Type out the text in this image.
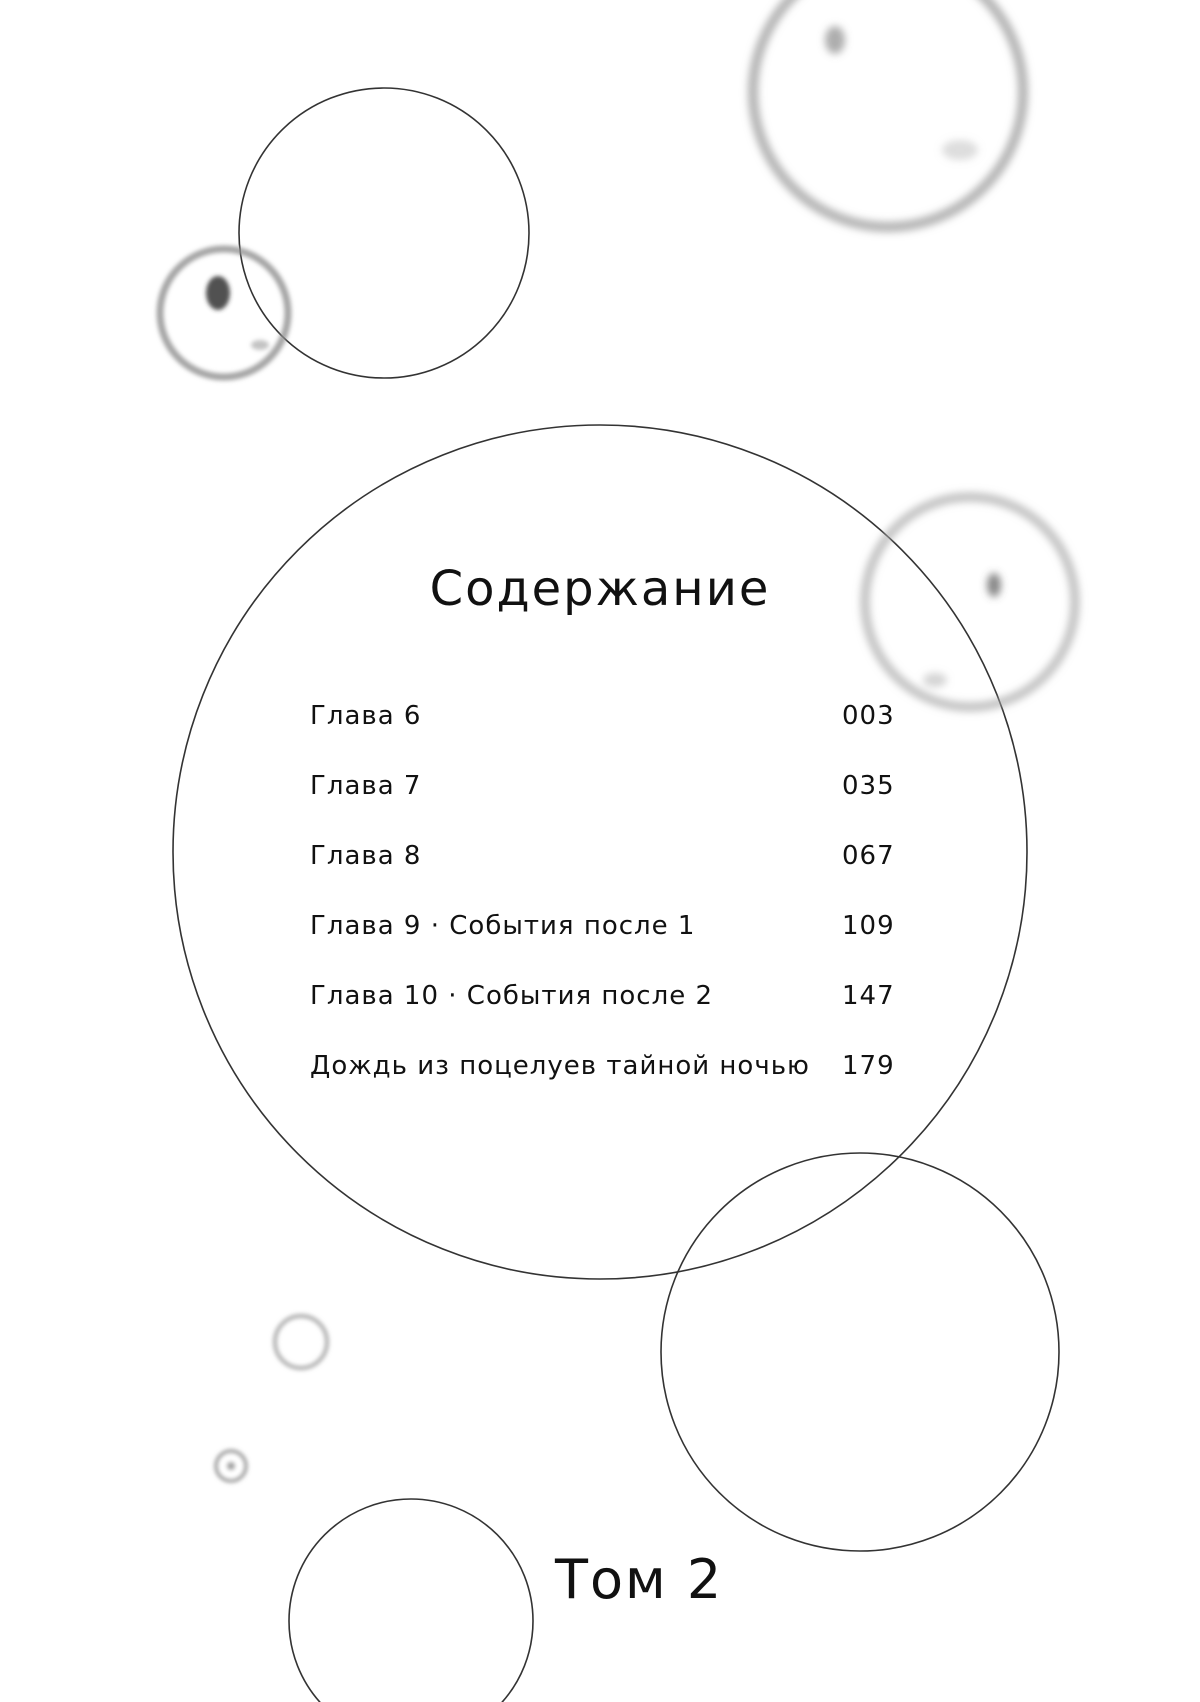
Содержание
Глава 6	003
Глава 7	035
Глава 8	067
Глава 9 · События после 1	109
Глава 10 · События после 2	147
Дождь из поцелуев тайной ночью 179
Том 2
